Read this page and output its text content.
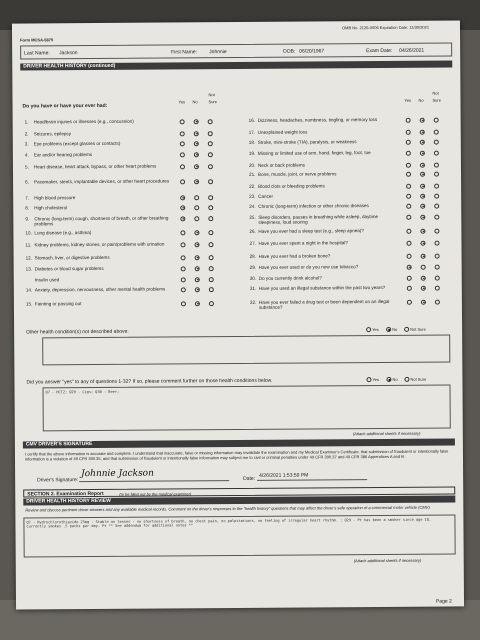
OMB No. 2126-0006 Expiration Date: 11/30/2021
Form MCSA-5875
Last Name: Jackson	First Name: Johnnie	DOB: 06/20/1967	Exam Date: 04/26/2021
DRIVER HEALTH HISTORY (continued)
Do you have or have your ever had:
Not
Yes No	Sure
Not
Yes No Sure
1.	Head/brain injuries or illnesses (e.g., concussion)
2.	Seizures, epilepsy
3.	Eye problems (except glasses or contacts)
4.	Ear and/or hearing problems
5.	Heart disease, heart attack, bypass, or other heart problems
6.	Pacemaker, stents, implantable devices, or other heart procedures
7.	High blood pressure
8.	High cholesterol
9.	Chronic (long-term) cough, shortness of breath, or other breathing problems
10. Lung disease (e.g., asthma)
11. Kidney problems, kidney stones, or pain/problems with urination
12. Stomach, liver, or digestive problems
13. Diabetes or blood sugar problems
Insulin used
14. Anxiety, depression, nervousness, other mental health problems
15. Fainting or passing out
16. Dizziness, headaches, numbness, tingling, or memory loss
17. Unexplained weight loss
18. Stroke, mini-stroke (TIA), paralysis, or weakness
19. Missing or limited use of arm, hand, finger, leg, foot, toe
20. Neck or back problems
21. Bone, muscle, joint, or nerve problems
22. Blood clots or bleeding problems
23. Cancer
24. Chronic (long-term) infection or other chronic diseases
25. Sleep disorders, pauses in breathing while asleep, daytime sleepiness, loud snoring
26. Have you ever had a sleep test (e.g., sleep apnea)?
27. Have you ever spent a night in the hospital?
28. Have you ever had a broken bone?
29. Have you ever used or do you now use tobacco?
30. Do you currently drink alcohol?
31. Have you used an illegal substance within the past two years?
32. Have you ever failed a drug test or been dependent on an illegal substance?
Other health condition(s) not described above:	Yes	No	Not Sure
Did you answer "yes" to any of questions 1-32? If so, please comment further on those health conditions below.	Yes	No	Not Sure
Q7 - HCTZ; Q29 - Cigs; Q30 - Beer;
(Attach additional sheets if necessary)
CMV DRIVER'S SIGNATURE
I certify that the above information is accurate and complete. I understand that inaccurate, false or missing information may invalidate the examination and my Medical Examiner's Certificate, that submission of fraudulent or intentionally false information is a violation of 49 CFR 390.35, and that submission of fraudulent or intentionally false information may subject me to civil or criminal penalties under 49 CFR 390.37 and 49 CFR 386 Appendices A and B.
Driver's Signature:
Johnnie Jackson	Date:
4/26/2021 1:53:59 PM
SECTION 2. Examination Report	(to be filled out by the medical examiner)
DRIVER HEALTH HISTORY REVIEW
Review and discuss pertinent driver answers and any available medical records. Comment on the driver's responses to the "health history" questions that may affect the driver's safe operation of a commercial motor vehicle (CMV).
Q7 - Hydrochlorothiazide 25mg - Stable on lenses - no shortness of breath, no chest pain, no palpitations, no feeling of irregular heart rhythm. ; Q29 - Pt has been a smoker since age 18. Currently smokes .5 packs per day. Pt ** See addendum for additional notes **
(Attach additional sheets if necessary)
Page 2
